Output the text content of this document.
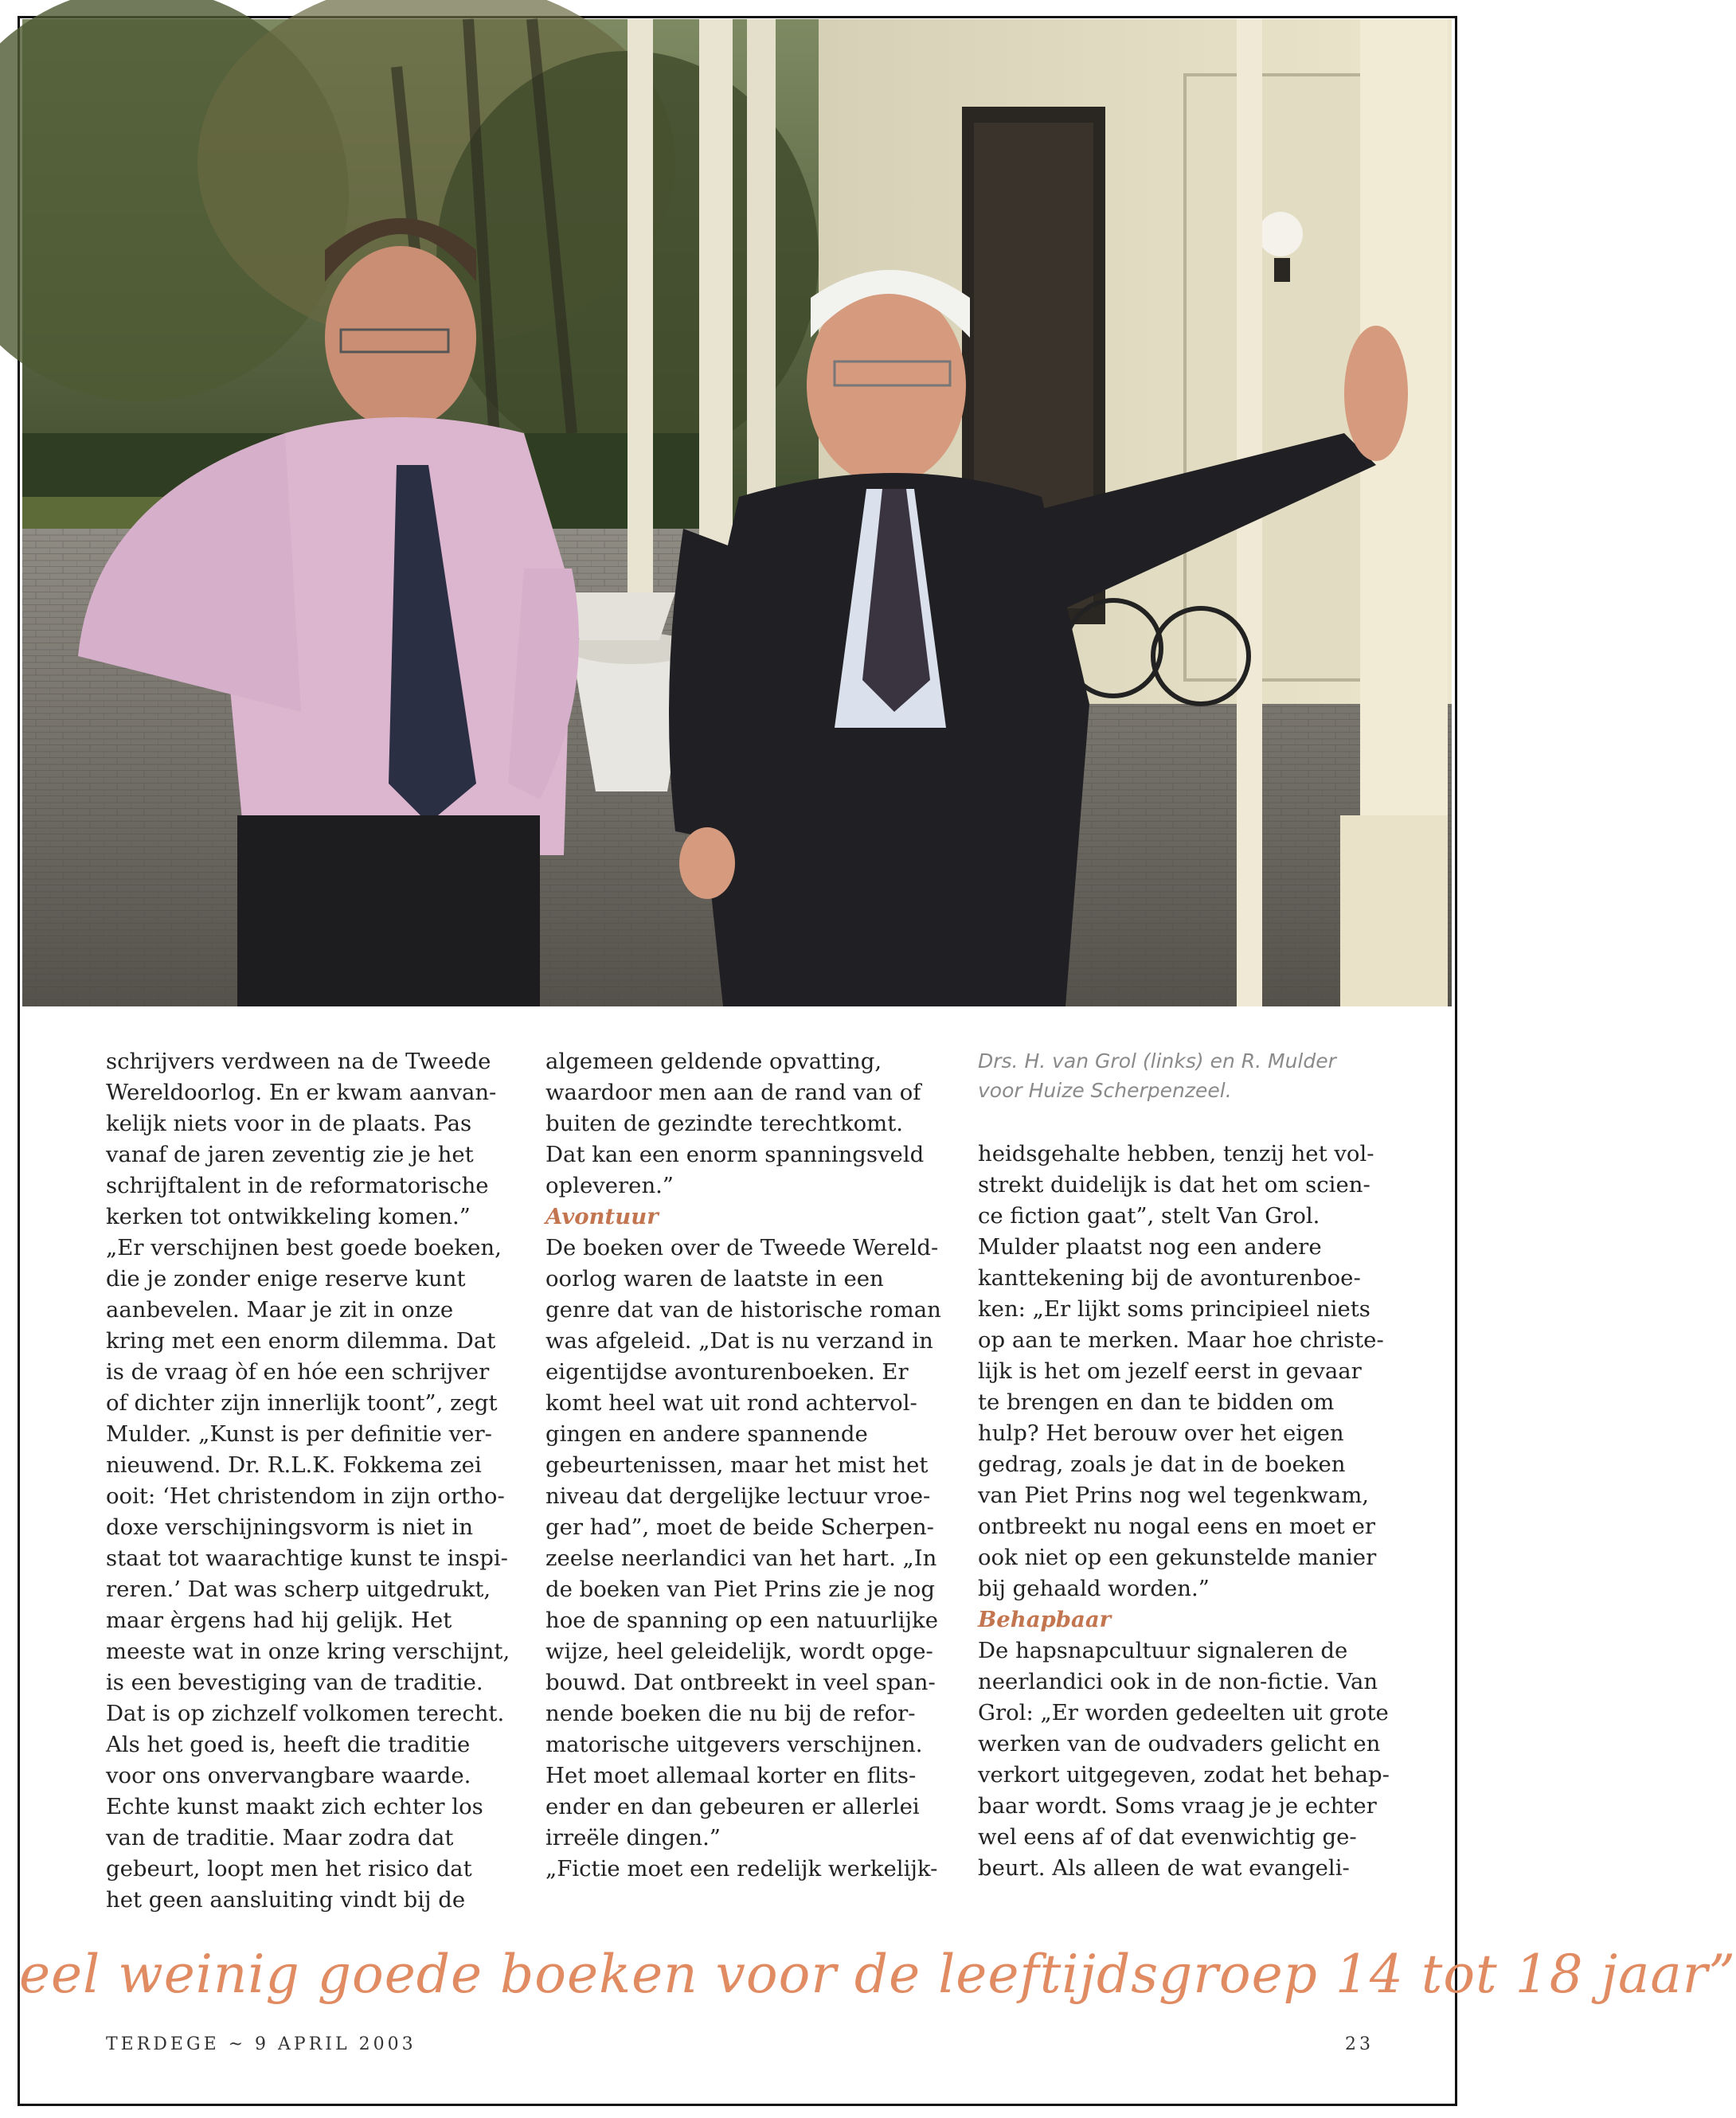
schrijvers verdween na de Tweede

Wereldoorlog. En er kwam aanvan-

kelijk niets voor in de plaats. Pas

vanaf de jaren zeventig zie je het

schrijftalent in de reformatorische

kerken tot ontwikkeling komen.”

„Er verschijnen best goede boeken,

die je zonder enige reserve kunt

aanbevelen. Maar je zit in onze

kring met een enorm dilemma. Dat

is de vraag òf en hóe een schrijver

of dichter zijn innerlijk toont”, zegt

Mulder. „Kunst is per definitie ver-

nieuwend. Dr. R.L.K. Fokkema zei

ooit: ‘Het christendom in zijn ortho-

doxe verschijningsvorm is niet in

staat tot waarachtige kunst te inspi-

reren.’ Dat was scherp uitgedrukt,

maar èrgens had hij gelijk. Het

meeste wat in onze kring verschijnt,

is een bevestiging van de traditie.

Dat is op zichzelf volkomen terecht.

Als het goed is, heeft die traditie

voor ons onvervangbare waarde.

Echte kunst maakt zich echter los

van de traditie. Maar zodra dat

gebeurt, loopt men het risico dat

het geen aansluiting vindt bij de

algemeen geldende opvatting,

waardoor men aan de rand van of

buiten de gezindte terechtkomt.

Dat kan een enorm spanningsveld

opleveren.”

Avontuur

De boeken over de Tweede Wereld-

oorlog waren de laatste in een

genre dat van de historische roman

was afgeleid. „Dat is nu verzand in

eigentijdse avonturenboeken. Er

komt heel wat uit rond achtervol-

gingen en andere spannende

gebeurtenissen, maar het mist het

niveau dat dergelijke lectuur vroe-

ger had”, moet de beide Scherpen-

zeelse neerlandici van het hart. „In

de boeken van Piet Prins zie je nog

hoe de spanning op een natuurlijke

wijze, heel geleidelijk, wordt opge-

bouwd. Dat ontbreekt in veel span-

nende boeken die nu bij de refor-

matorische uitgevers verschijnen.

Het moet allemaal korter en flits-

ender en dan gebeuren er allerlei

irreële dingen.”

„Fictie moet een redelijk werkelijk-

Drs. H. van Grol (links) en R. Mulder

voor Huize Scherpenzeel.

heidsgehalte hebben, tenzij het vol-

strekt duidelijk is dat het om scien-

ce fiction gaat”, stelt Van Grol.

Mulder plaatst nog een andere

kanttekening bij de avonturenboe-

ken: „Er lijkt soms principieel niets

op aan te merken. Maar hoe christe-

lijk is het om jezelf eerst in gevaar

te brengen en dan te bidden om

hulp? Het berouw over het eigen

gedrag, zoals je dat in de boeken

van Piet Prins nog wel tegenkwam,

ontbreekt nu nogal eens en moet er

ook niet op een gekunstelde manier

bij gehaald worden.”

Behapbaar

De hapsnapcultuur signaleren de

neerlandici ook in de non-fictie. Van

Grol: „Er worden gedeelten uit grote

werken van de oudvaders gelicht en

verkort uitgegeven, zodat het behap-

baar wordt. Soms vraag je je echter

wel eens af of dat evenwichtig ge-

beurt. Als alleen de wat evangeli-

eel weinig goede boeken voor de leeftijdsgroep 14 tot 18 jaar”
TERDEGE ~ 9 APRIL 2003	23
